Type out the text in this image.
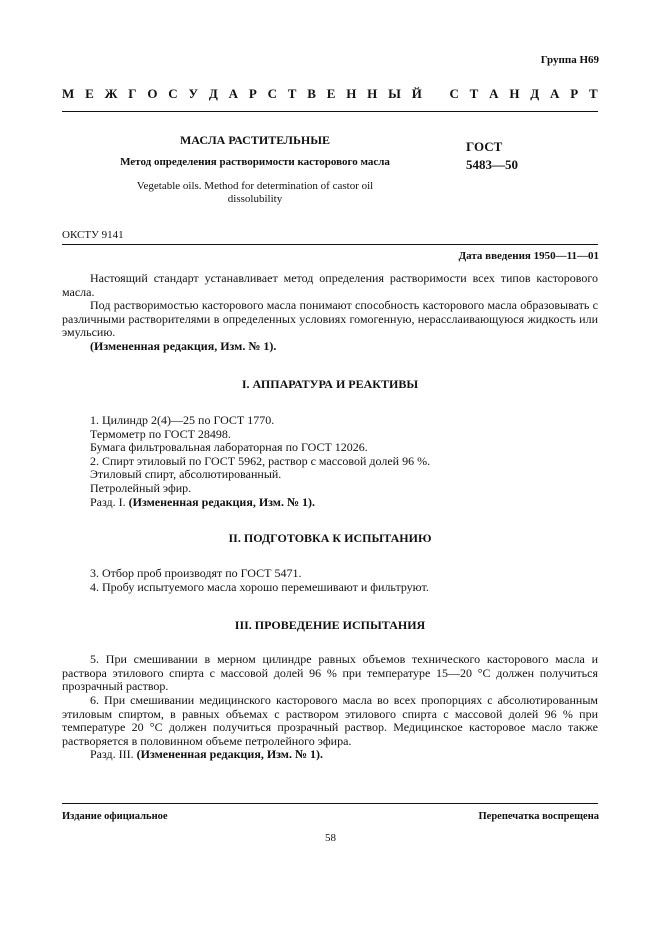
Группа Н69
М Е Ж Г О С У Д А Р С Т В Е Н Н Ы Й С Т А Н Д А Р Т
МАСЛА РАСТИТЕЛЬНЫЕ
Метод определения растворимости касторового масла
Vegetable oils. Method for determination of castor oil
dissolubility
ГОСТ
5483—50
ОКСТУ 9141
Дата введения 1950—11—01
Настоящий стандарт устанавливает метод определения растворимости всех типов касторового масла.
Под растворимостью касторового масла понимают способность касторового масла образовывать с различными растворителями в определенных условиях гомогенную, нерасслаивающуюся жидкость или эмульсию.
(Измененная редакция, Изм. № 1).
I. АППАРАТУРА И РЕАКТИВЫ
1. Цилиндр 2(4)—25 по ГОСТ 1770.
Термометр по ГОСТ 28498.
Бумага фильтровальная лабораторная по ГОСТ 12026.
2. Спирт этиловый по ГОСТ 5962, раствор с массовой долей 96 %.
Этиловый спирт, абсолютированный.
Петролейный эфир.
Разд. I. (Измененная редакция, Изм. № 1).
II. ПОДГОТОВКА К ИСПЫТАНИЮ
3. Отбор проб производят по ГОСТ 5471.
4. Пробу испытуемого масла хорошо перемешивают и фильтруют.
III. ПРОВЕДЕНИЕ ИСПЫТАНИЯ
5. При смешивании в мерном цилиндре равных объемов технического касторового масла и раствора этилового спирта с массовой долей 96 % при температуре 15—20 °С должен получиться прозрачный раствор.
6. При смешивании медицинского касторового масла во всех пропорциях с абсолютированным этиловым спиртом, в равных объемах с раствором этилового спирта с массовой долей 96 % при температуре 20 °С должен получиться прозрачный раствор. Медицинское касторовое масло также растворяется в половинном объеме петролейного эфира.
Разд. III. (Измененная редакция, Изм. № 1).
Издание официальное	Перепечатка воспрещена
58
